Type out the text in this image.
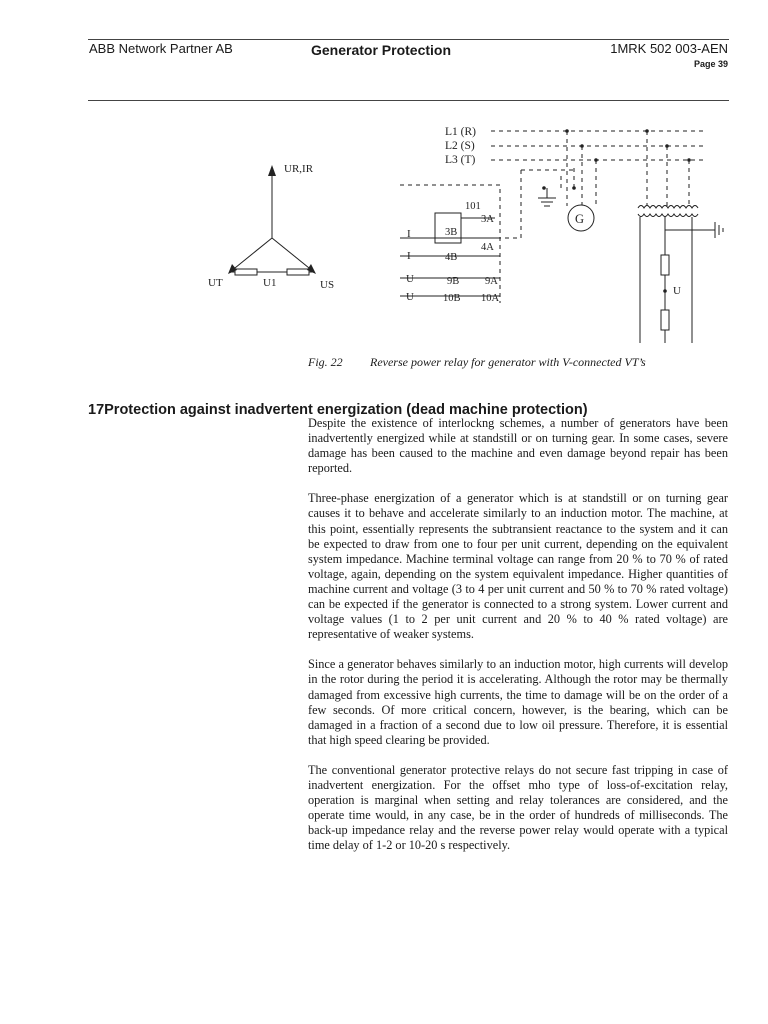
ABB Network Partner AB	Generator Protection	1MRK 502 003-AEN
Page 39
UR,IR
UT	U1	US
L1 (R)
L2 (S)
L3 (T)
G
U
101
3A
3B
4A
4B
9A
9B
10A
10B
I
I
U
U
Fig. 22 Reverse power relay for generator with V-connected VT’s
17Protection against inadvertent energization (dead machine protection)

Despite the existence of interlockng schemes, a number of generators have been inadvertently energized while at standstill or on turning gear. In some cases, severe damage has been caused to the machine and even damage beyond repair has been reported.

Three-phase energization of a generator which is at standstill or on turning gear causes it to behave and accelerate similarly to an induction motor. The machine, at this point, essentially represents the subtransient reactance to the system and it can be expected to draw from one to four per unit current, depending on the equivalent system impedance. Machine terminal voltage can range from 20 % to 70 % of rated voltage, again, depending on the system equivalent impedance. Higher quantities of machine current and voltage (3 to 4 per unit current and 50 % to 70 % rated voltage) can be expected if the generator is connected to a strong system. Lower current and voltage values (1 to 2 per unit current and 20 % to 40 % rated voltage) are representative of weaker systems.

Since a generator behaves similarly to an induction motor, high currents will develop in the rotor during the period it is accelerating. Although the rotor may be thermally damaged from excessive high currents, the time to damage will be on the order of a few seconds. Of more critical concern, however, is the bearing, which can be damaged in a fraction of a second due to low oil pressure. Therefore, it is essential that high speed clearing be provided.

The conventional generator protective relays do not secure fast tripping in case of inadvertent energization. For the offset mho type of loss-of-excitation relay, operation is marginal when setting and relay tolerances are considered, and the operate time would, in any case, be in the order of hundreds of milliseconds. The back-up impedance relay and the reverse power relay would operate with a typical time delay of 1-2 or 10-20 s respectively.
